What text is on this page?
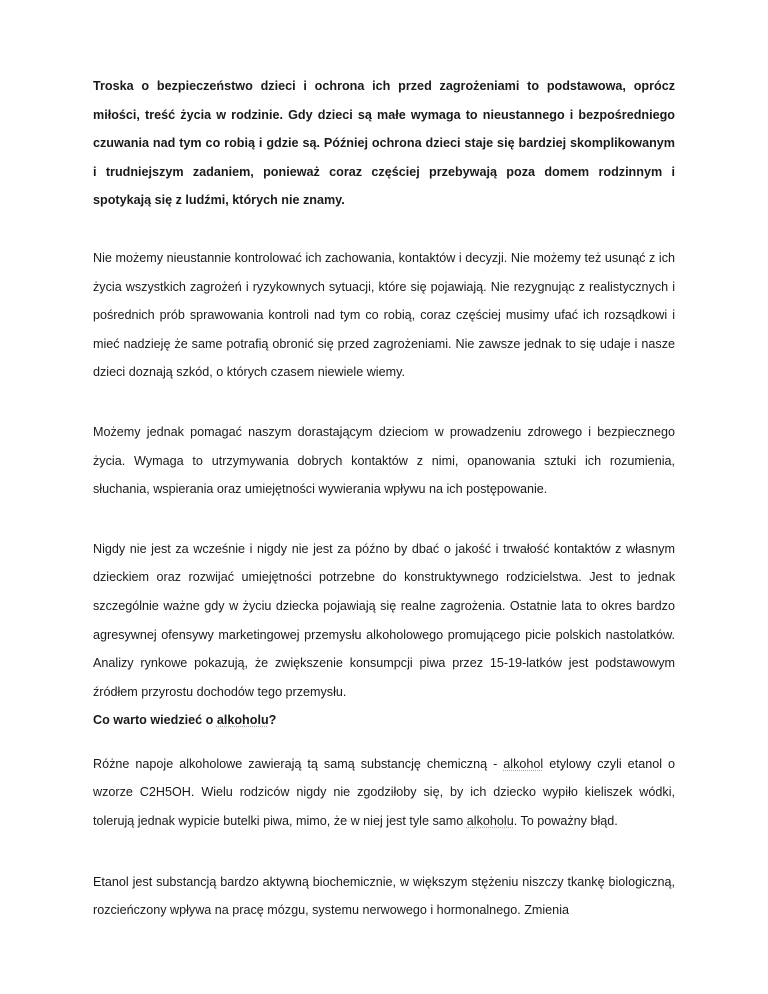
Troska o bezpieczeństwo dzieci i ochrona ich przed zagrożeniami to podstawowa, oprócz miłości, treść życia w rodzinie. Gdy dzieci są małe wymaga to nieustannego i bezpośredniego czuwania nad tym co robią i gdzie są. Później ochrona dzieci staje się bardziej skomplikowanym i trudniejszym zadaniem, ponieważ coraz częściej przebywają poza domem rodzinnym i spotykają się z ludźmi, których nie znamy.

Nie możemy nieustannie kontrolować ich zachowania, kontaktów i decyzji. Nie możemy też usunąć z ich życia wszystkich zagrożeń i ryzykownych sytuacji, które się pojawiają. Nie rezygnując z realistycznych i pośrednich prób sprawowania kontroli nad tym co robią, coraz częściej musimy ufać ich rozsądkowi i mieć nadzieję że same potrafią obronić się przed zagrożeniami. Nie zawsze jednak to się udaje i nasze dzieci doznają szkód, o których czasem niewiele wiemy.

Możemy jednak pomagać naszym dorastającym dzieciom w prowadzeniu zdrowego i bezpiecznego życia. Wymaga to utrzymywania dobrych kontaktów z nimi, opanowania sztuki ich rozumienia, słuchania, wspierania oraz umiejętności wywierania wpływu na ich postępowanie.

Nigdy nie jest za wcześnie i nigdy nie jest za późno by dbać o jakość i trwałość kontaktów z własnym dzieckiem oraz rozwijać umiejętności potrzebne do konstruktywnego rodzicielstwa. Jest to jednak szczególnie ważne gdy w życiu dziecka pojawiają się realne zagrożenia. Ostatnie lata to okres bardzo agresywnej ofensywy marketingowej przemysłu alkoholowego promującego picie polskich nastolatków. Analizy rynkowe pokazują, że zwiększenie konsumpcji piwa przez 15-19-latków jest podstawowym źródłem przyrostu dochodów tego przemysłu.

Co warto wiedzieć o alkoholu?

Różne napoje alkoholowe zawierają tą samą substancję chemiczną - alkohol etylowy czyli etanol o wzorze C2H5OH. Wielu rodziców nigdy nie zgodziłoby się, by ich dziecko wypiło kieliszek wódki, tolerują jednak wypicie butelki piwa, mimo, że w niej jest tyle samo alkoholu. To poważny błąd.

Etanol jest substancją bardzo aktywną biochemicznie, w większym stężeniu niszczy tkankę biologiczną, rozcieńczony wpływa na pracę mózgu, systemu nerwowego i hormonalnego. Zmienia
